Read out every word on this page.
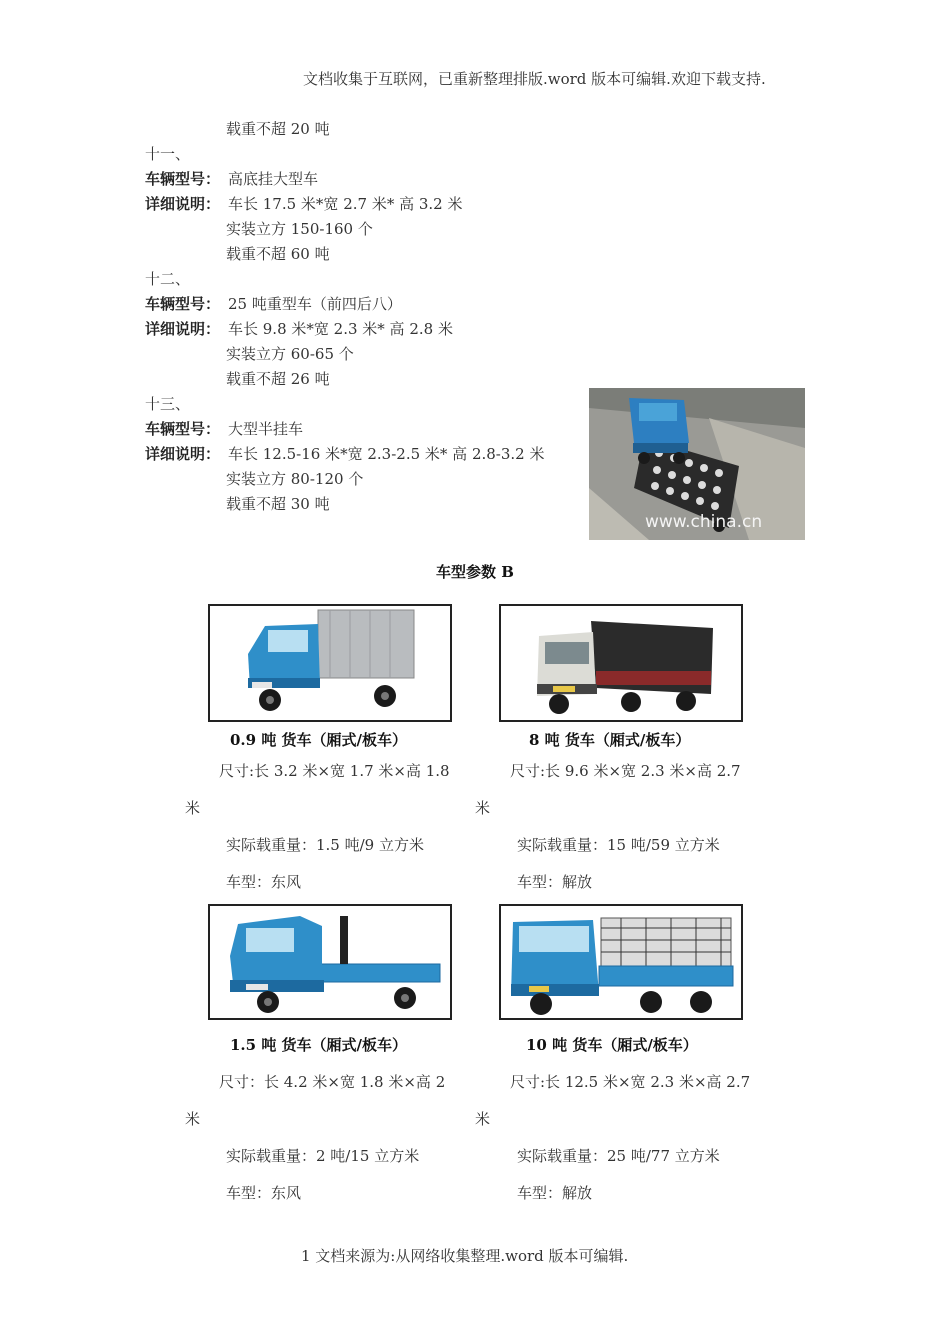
文档收集于互联网，已重新整理排版.word 版本可编辑.欢迎下载支持.
载重不超 20 吨
十一、
车辆型号： 高底挂大型车
详细说明： 车长 17.5 米*宽 2.7 米* 高 3.2 米
实装立方 150-160 个
载重不超 60 吨
十二、
车辆型号： 25 吨重型车（前四后八）
详细说明： 车长 9.8 米*宽 2.3 米* 高 2.8 米
实装立方 60-65 个
载重不超 26 吨
十三、
车辆型号： 大型半挂车
详细说明： 车长 12.5-16 米*宽 2.3-2.5 米* 高 2.8-3.2 米
实装立方 80-120 个
载重不超 30 吨
www.china.cn
车型参数 B
0.9 吨 货车（厢式/板车）	8 吨 货车（厢式/板车）
尺寸:长 3.2 米×宽 1.7 米×高 1.8	尺寸:长 9.6 米×宽 2.3 米×高 2.7
米	米
实际载重量：1.5 吨/9 立方米	实际载重量：15 吨/59 立方米
车型：东风	车型：解放
1.5 吨 货车（厢式/板车）	10 吨 货车（厢式/板车）
尺寸：长 4.2 米×宽 1.8 米×高 2	尺寸:长 12.5 米×宽 2.3 米×高 2.7
米	米
实际载重量：2 吨/15 立方米	实际载重量：25 吨/77 立方米
车型：东风	车型：解放
1 文档来源为:从网络收集整理.word 版本可编辑.
